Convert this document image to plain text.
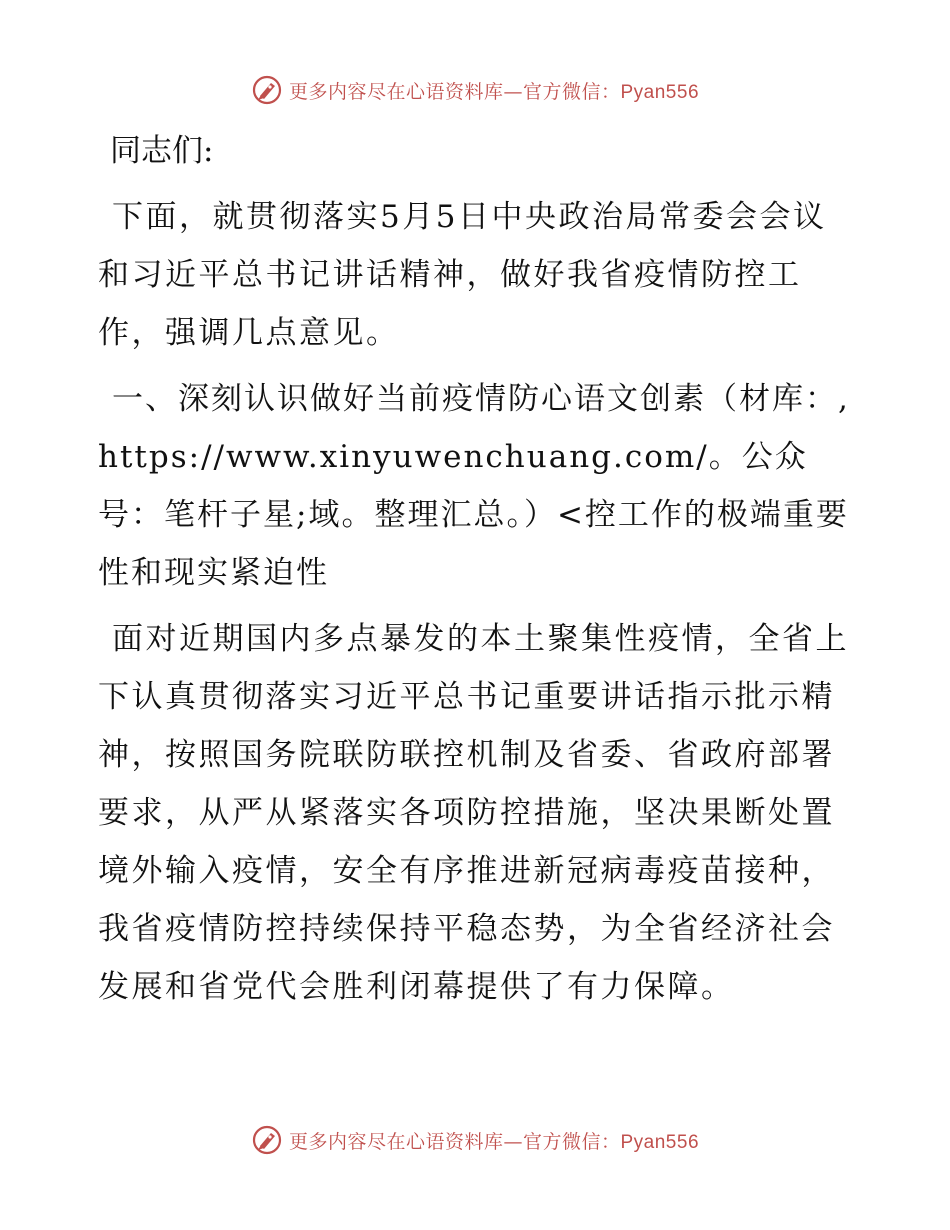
更多内容尽在心语资料库—官方微信：Pyan556
同志们:

下面，就贯彻落实5月5日中央政治局常委会会议和习近平总书记讲话精神，做好我省疫情防控工作，强调几点意见。

一、深刻认识做好当前疫情防心语文创素（材库：,https://www.xinyuwenchuang.com/。公众号：笔杆子星;域。整理汇总。）<控工作的极端重要性和现实紧迫性

面对近期国内多点暴发的本土聚集性疫情，全省上下认真贯彻落实习近平总书记重要讲话指示批示精神，按照国务院联防联控机制及省委、省政府部署要求，从严从紧落实各项防控措施，坚决果断处置境外输入疫情，安全有序推进新冠病毒疫苗接种，我省疫情防控持续保持平稳态势，为全省经济社会发展和省党代会胜利闭幕提供了有力保障。

更多内容尽在心语资料库—官方微信：Pyan556
